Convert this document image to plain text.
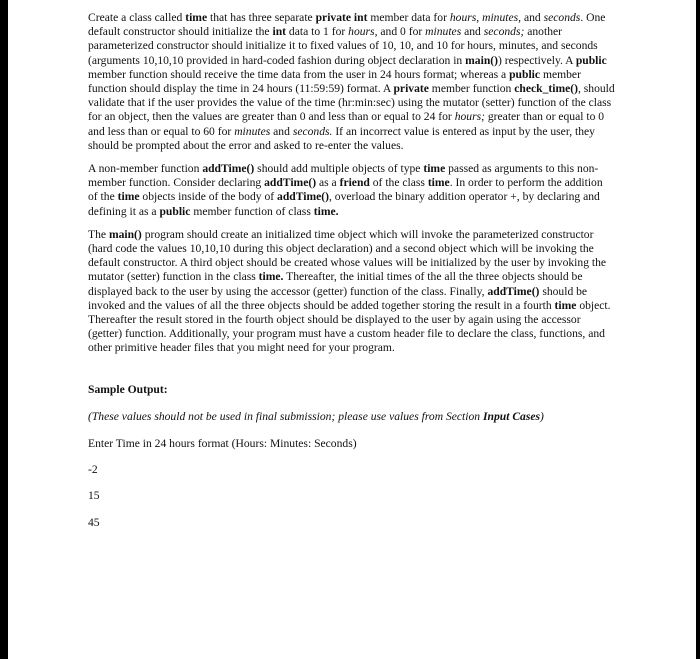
Create a class called time that has three separate private int member data for hours, minutes, and seconds. One default constructor should initialize the int data to 1 for hours, and 0 for minutes and seconds; another parameterized constructor should initialize it to fixed values of 10, 10, and 10 for hours, minutes, and seconds (arguments 10,10,10 provided in hard-coded fashion during object declaration in main()) respectively. A public member function should receive the time data from the user in 24 hours format; whereas a public member function should display the time in 24 hours (11:59:59) format. A private member function check_time(), should validate that if the user provides the value of the time (hr:min:sec) using the mutator (setter) function of the class for an object, then the values are greater than 0 and less than or equal to 24 for hours; greater than or equal to 0 and less than or equal to 60 for minutes and seconds. If an incorrect value is entered as input by the user, they should be prompted about the error and asked to re-enter the values.

A non-member function addTime() should add multiple objects of type time passed as arguments to this non-member function. Consider declaring addTime() as a friend of the class time. In order to perform the addition of the time objects inside of the body of addTime(), overload the binary addition operator +, by declaring and defining it as a public member function of class time.

The main() program should create an initialized time object which will invoke the parameterized constructor (hard code the values 10,10,10 during this object declaration) and a second object which will be invoking the default constructor. A third object should be created whose values will be initialized by the user by invoking the mutator (setter) function in the class time. Thereafter, the initial times of the all the three objects should be displayed back to the user by using the accessor (getter) function of the class. Finally, addTime() should be invoked and the values of all the three objects should be added together storing the result in a fourth time object. Thereafter the result stored in the fourth object should be displayed to the user by again using the accessor (getter) function. Additionally, your program must have a custom header file to declare the class, functions, and other primitive header files that you might need for your program.

Sample Output:
(These values should not be used in final submission; please use values from Section Input Cases)
Enter Time in 24 hours format (Hours: Minutes: Seconds)
-2
15
45
